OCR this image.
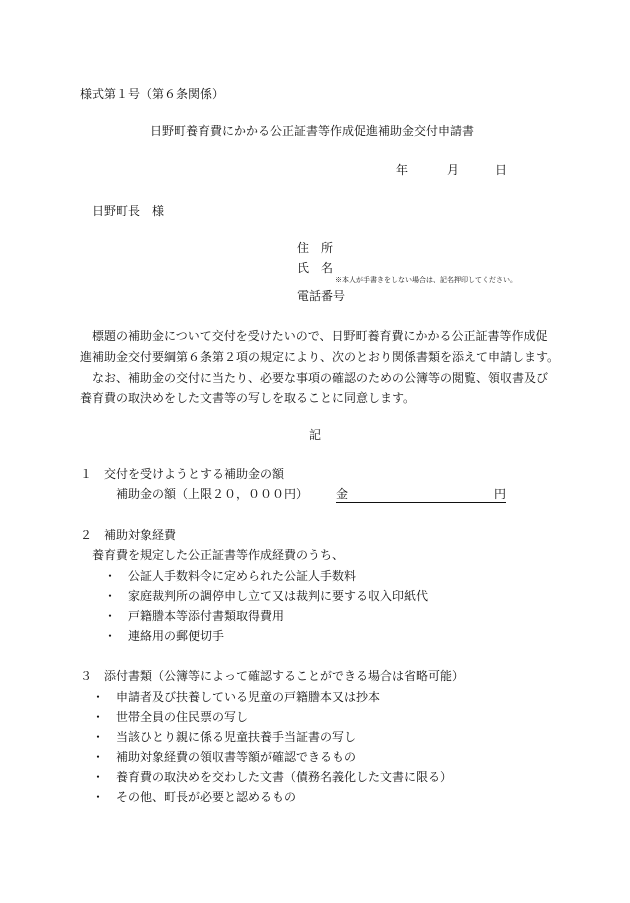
様式第１号（第６条関係）
日野町養育費にかかる公正証書等作成促進補助金交付申請書
年	月	日
日野町長　様
住　所
氏　名
※本人が手書きをしない場合は、記名押印してください。
電話番号
標題の補助金について交付を受けたいので、日野町養育費にかかる公正証書等作成促
進補助金交付要綱第６条第２項の規定により、次のとおり関係書類を添えて申請します。
なお、補助金の交付に当たり、必要な事項の確認のための公簿等の閲覧、領収書及び
養育費の取決めをした文書等の写しを取ることに同意します。
記
１ 交付を受けようとする補助金の額
補助金の額（上限２０，０００円） 金	円
２ 補助対象経費
養育費を規定した公正証書等作成経費のうち、
・ 公証人手数料令に定められた公証人手数料
・ 家庭裁判所の調停申し立て又は裁判に要する収入印紙代
・ 戸籍謄本等添付書類取得費用
・ 連絡用の郵便切手
３ 添付書類（公簿等によって確認することができる場合は省略可能）
・ 申請者及び扶養している児童の戸籍謄本又は抄本
・ 世帯全員の住民票の写し
・ 当該ひとり親に係る児童扶養手当証書の写し
・ 補助対象経費の領収書等額が確認できるもの
・ 養育費の取決めを交わした文書（債務名義化した文書に限る）
・ その他、町長が必要と認めるもの
